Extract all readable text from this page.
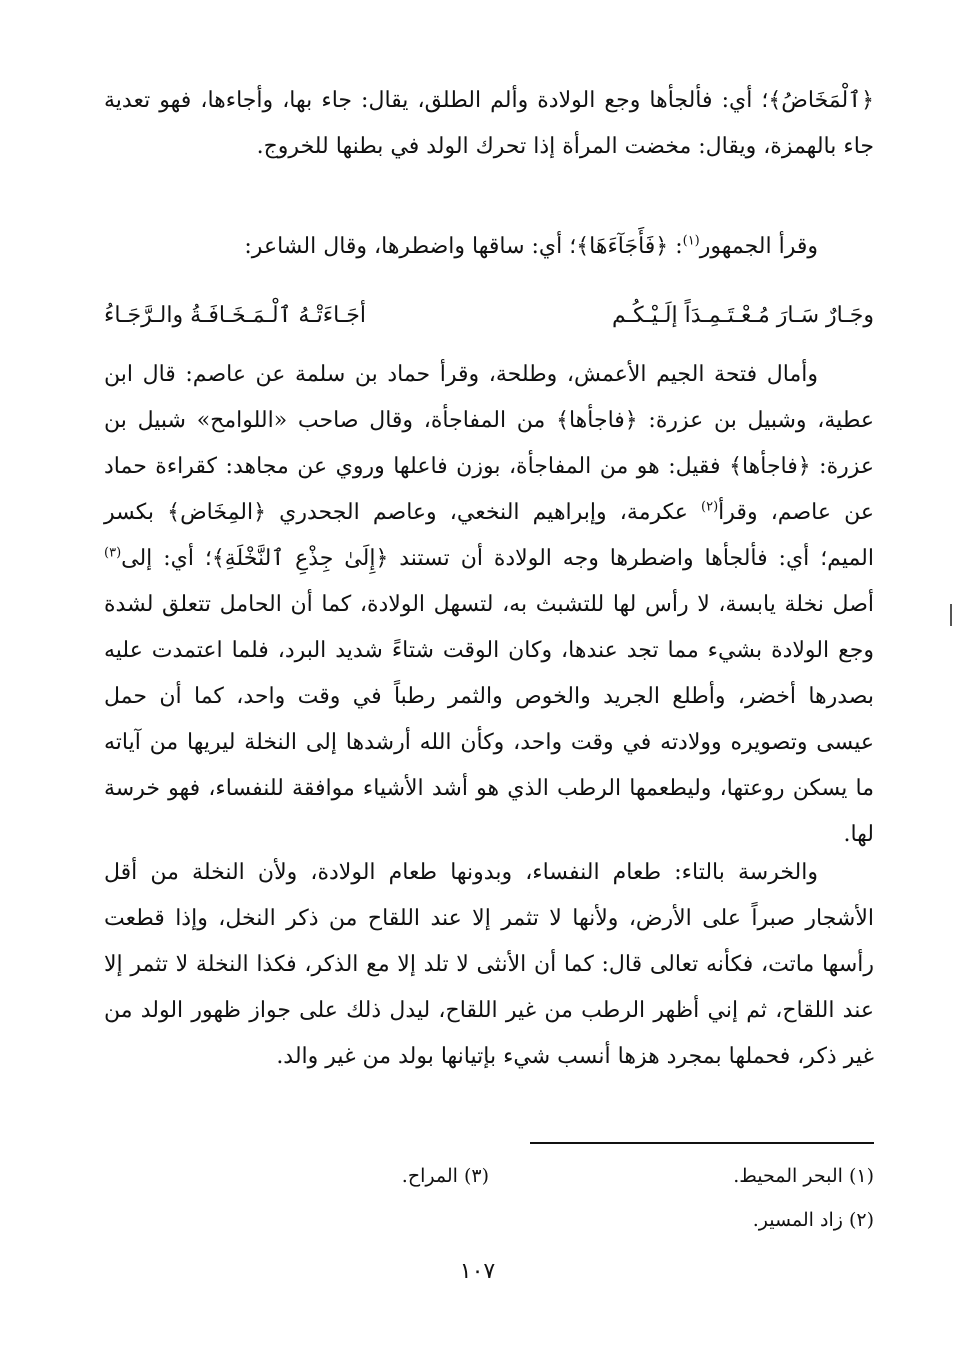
﴿ٱلْمَخَاضُ﴾؛ أي: فألجأها وجع الولادة وألم الطلق، يقال: جاء بها، وأجاءها، فهو تعدية جاء بالهمزة، ويقال: مخضت المرأة إذا تحرك الولد في بطنها للخروج.

وقرأ الجمهور$^{(١)}$: ﴿فَأَجَآءَهَا﴾؛ أي: ساقها واضطرها، وقال الشاعر:

وجَـارٌ سَـارَ مُـعْـتَـمِـدَاً إلَـيْـكُـم
أجَـاءَتْـهُ ٱلْـمَـخَـافَـةُ والـرَّجَـاءُ

وأمال فتحة الجيم الأعمش، وطلحة، وقرأ حماد بن سلمة عن عاصم: قال ابن عطية، وشبيل بن عزرة: ﴿فاجأها﴾ من المفاجأة، وقال صاحب «اللوامح» شبيل بن عزرة: ﴿فاجأها﴾ فقيل: هو من المفاجأة، بوزن فاعلها وروي عن مجاهد: كقراءة حماد عن عاصم، وقرأ$^{(٢)}$ عكرمة، وإبراهيم النخعي، وعاصم الجحدري ﴿المِخَاض﴾ بكسر الميم؛ أي: فألجأها واضطرها وجه الولادة أن تستند ﴿إِلَىٰ جِذْعِ ٱلنَّخْلَةِ﴾؛ أي: إلى$^{(٣)}$ أصل نخلة يابسة، لا رأس لها للتشبث به، لتسهل الولادة، كما أن الحامل تتعلق لشدة وجع الولادة بشيء مما تجد عندها، وكان الوقت شتاءً شديد البرد، فلما اعتمدت عليه بصدرها أخضر، وأطلع الجريد والخوص والثمر رطباً في وقت واحد، كما أن حمل عيسى وتصويره وولادته في وقت واحد، وكأن الله أرشدها إلى النخلة ليريها من آياته ما يسكن روعتها، وليطعمها الرطب الذي هو أشد الأشياء موافقة للنفساء، فهو خرسة لها.

والخرسة بالتاء: طعام النفساء، وبدونها طعام الولادة، ولأن النخلة من أقل الأشجار صبراً على الأرض، ولأنها لا تثمر إلا عند اللقاح من ذكر النخل، وإذا قطعت رأسها ماتت، فكأنه تعالى قال: كما أن الأنثى لا تلد إلا مع الذكر، فكذا النخلة لا تثمر إلا عند اللقاح، ثم إني أظهر الرطب من غير اللقاح، ليدل ذلك على جواز ظهور الولد من غير ذكر، فحملها بمجرد هزها أنسب شيء بإتيانها بولد من غير والد.

(١) البحر المحيط.
(٣) المراح.
(٢) زاد المسير.
١٠٧
